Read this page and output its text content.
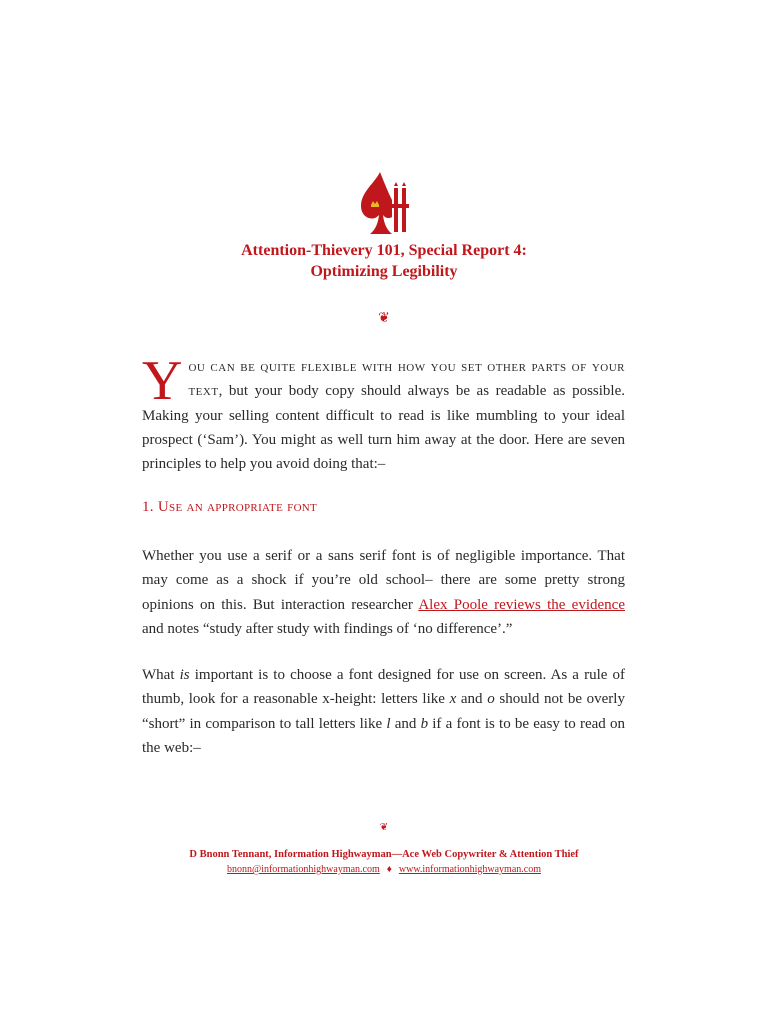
Attention-Thievery 101, Special Report 4:
Optimizing Legibility
❦
You can be quite flexible with how you set other parts of your text, but your body copy should always be as readable as possible. Making your selling content difficult to read is like mumbling to your ideal prospect (‘Sam’). You might as well turn him away at the door. Here are seven principles to help you avoid doing that:–
1. Use an appropriate font
Whether you use a serif or a sans serif font is of negligible importance. That may come as a shock if you’re old school– there are some pretty strong opinions on this. But interaction researcher Alex Poole reviews the evidence and notes “study after study with findings of ‘no difference’.”
What is important is to choose a font designed for use on screen. As a rule of thumb, look for a reasonable x-height: letters like x and o should not be overly “short” in comparison to tall letters like l and b if a font is to be easy to read on the web:–
❦
D Bnonn Tennant, Information Highwayman—Ace Web Copywriter & Attention Thief
bnonn@informationhighwayman.com ♦ www.informationhighwayman.com
